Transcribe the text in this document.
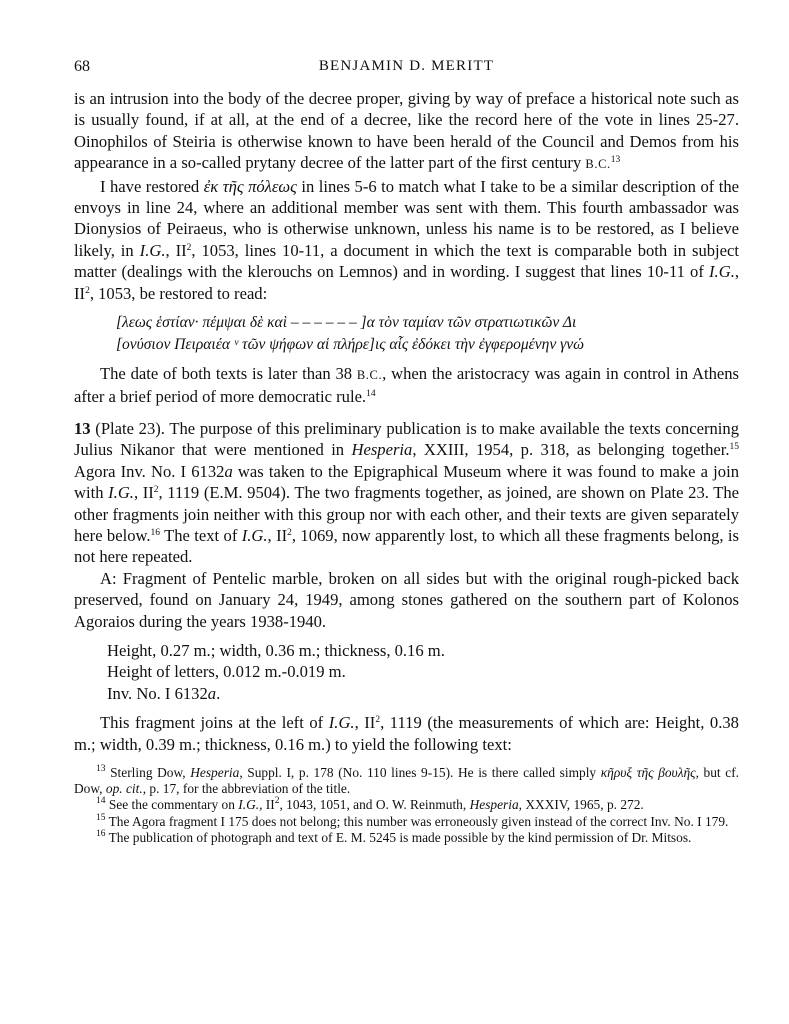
68	BENJAMIN D. MERITT

is an intrusion into the body of the decree proper, giving by way of preface a historical note such as is usually found, if at all, at the end of a decree, like the record here of the vote in lines 25-27. Oinophilos of Steiria is otherwise known to have been herald of the Council and Demos from his appearance in a so-called prytany decree of the latter part of the first century B.C.$^{13}$

I have restored ἐκ τῆς πόλεως in lines 5-6 to match what I take to be a similar description of the envoys in line 24, where an additional member was sent with them. This fourth ambassador was Dionysios of Peiraeus, who is otherwise unknown, unless his name is to be restored, as I believe likely, in I.G., $II^2$, 1053, lines 10-11, a document in which the text is comparable both in subject matter (dealings with the klerouchs on Lemnos) and in wording. I suggest that lines 10-11 of I.G., $II^2$, 1053, be restored to read:

[λεως ἑστίαν· πέμψαι δὲ καὶ – – – – – – ]α τὸν ταμίαν τῶν στρατιωτικῶν Δι
[ονύσιον Πειραιέα ᵛ τῶν ψήφων αἱ πλήρε]ις αἷς ἐδόκει τὴν ἐγφερομένην γνώ

The date of both texts is later than 38 B.C., when the aristocracy was again in control in Athens after a brief period of more democratic rule.$^{14}$

13 (Plate 23). The purpose of this preliminary publication is to make available the texts concerning Julius Nikanor that were mentioned in Hesperia, XXIII, 1954, p. 318, as belonging together.$^{15}$ Agora Inv. No. I 6132a was taken to the Epigraphical Museum where it was found to make a join with I.G., $II^2$, 1119 (E.M. 9504). The two fragments together, as joined, are shown on Plate 23. The other fragments join neither with this group nor with each other, and their texts are given separately here below.$^{16}$ The text of I.G., $II^2$, 1069, now apparently lost, to which all these fragments belong, is not here repeated.

A: Fragment of Pentelic marble, broken on all sides but with the original rough-picked back preserved, found on January 24, 1949, among stones gathered on the southern part of Kolonos Agoraios during the years 1938-1940.

Height, 0.27 m.; width, 0.36 m.; thickness, 0.16 m.
Height of letters, 0.012 m.-0.019 m.
Inv. No. I 6132a.

This fragment joins at the left of I.G., $II^2$, 1119 (the measurements of which are: Height, 0.38 m.; width, 0.39 m.; thickness, 0.16 m.) to yield the following text:

$^{13}$ Sterling Dow, Hesperia, Suppl. I, p. 178 (No. 110 lines 9-15). He is there called simply κῆρυξ τῆς βουλῆς, but cf. Dow, op. cit., p. 17, for the abbreviation of the title.

$^{14}$ See the commentary on I.G., $II^2$, 1043, 1051, and O. W. Reinmuth, Hesperia, XXXIV, 1965, p. 272.

$^{15}$ The Agora fragment I 175 does not belong; this number was erroneously given instead of the correct Inv. No. I 179.

$^{16}$ The publication of photograph and text of E. M. 5245 is made possible by the kind permission of Dr. Mitsos.
